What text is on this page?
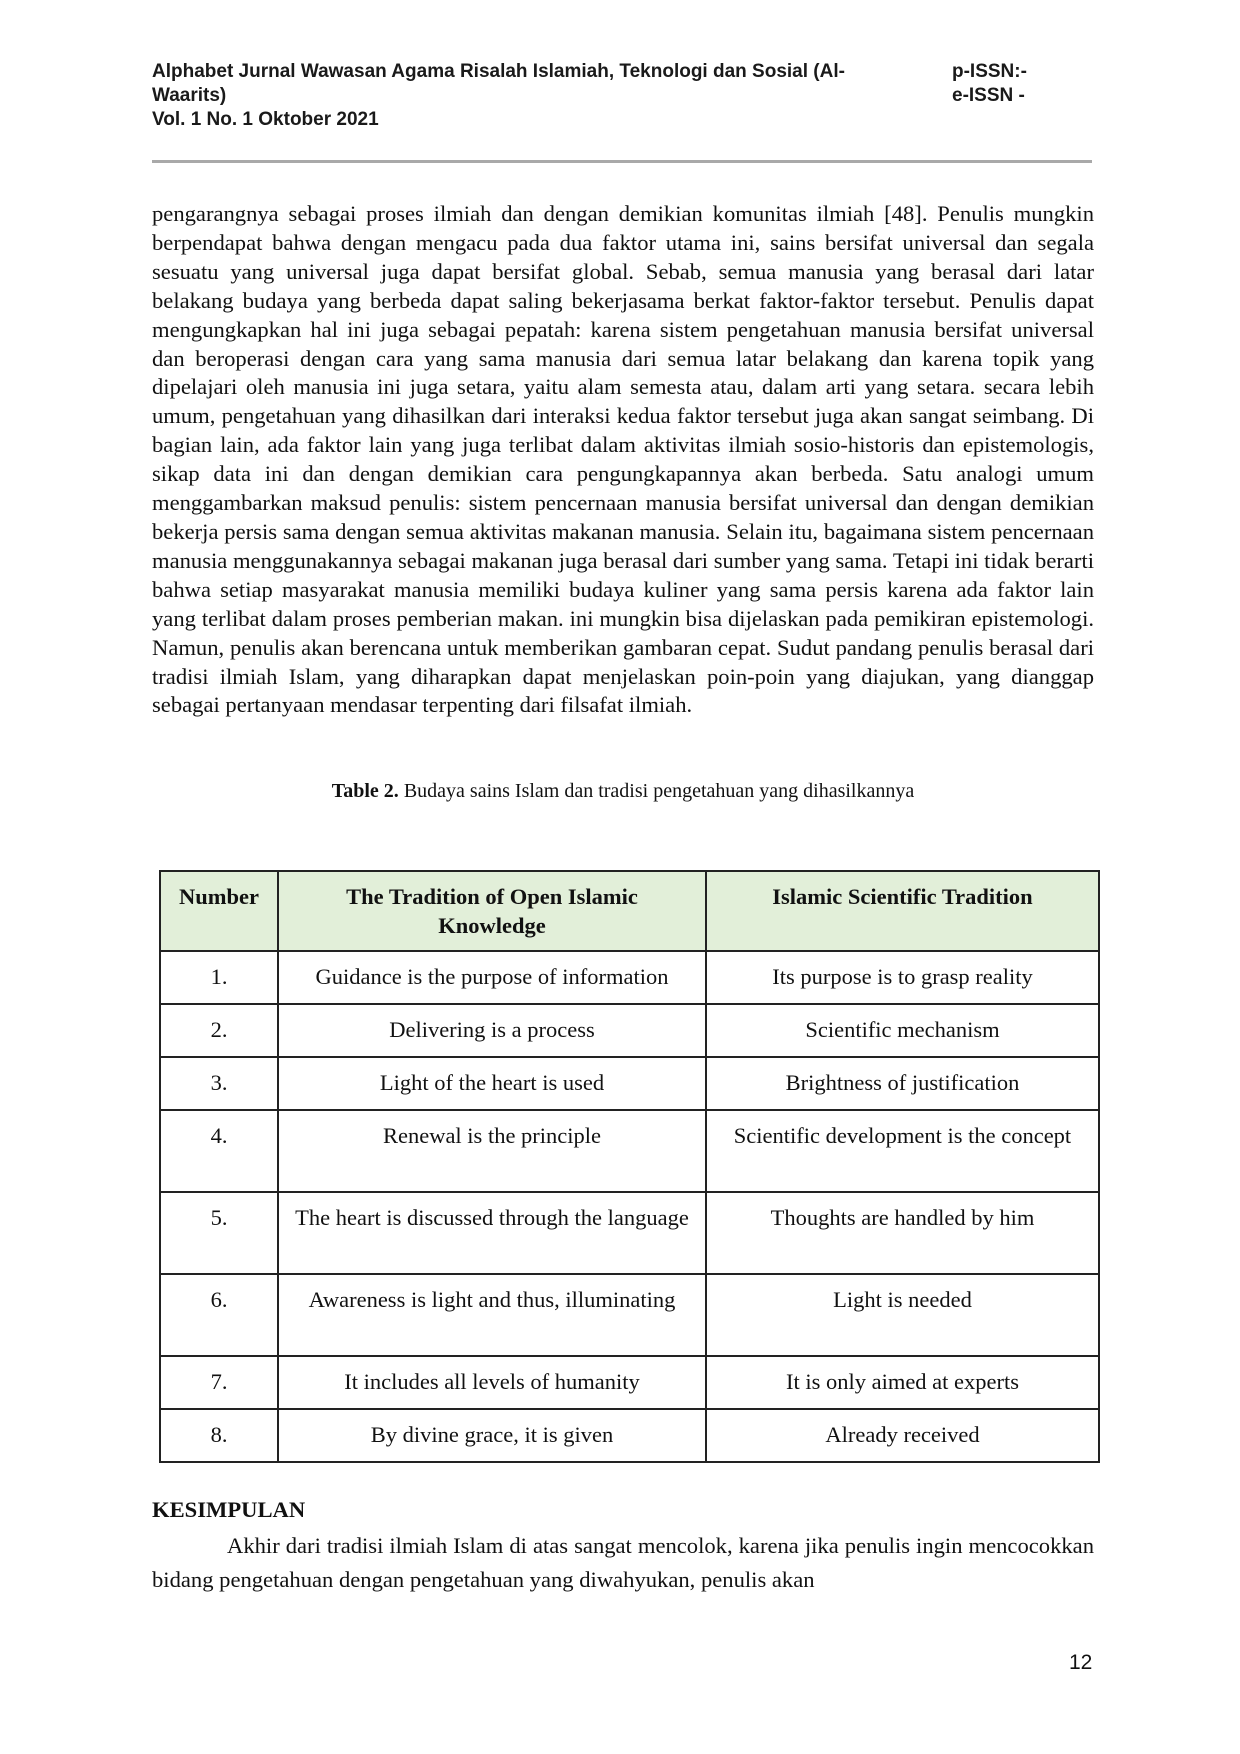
Alphabet Jurnal Wawasan Agama Risalah Islamiah, Teknologi dan Sosial (Al-
Waarits)
Vol. 1 No. 1 Oktober 2021
p-ISSN:-
e-ISSN -

pengarangnya sebagai proses ilmiah dan dengan demikian komunitas ilmiah [48]. Penulis mungkin berpendapat bahwa dengan mengacu pada dua faktor utama ini, sains bersifat universal dan segala sesuatu yang universal juga dapat bersifat global. Sebab, semua manusia yang berasal dari latar belakang budaya yang berbeda dapat saling bekerjasama berkat faktor-faktor tersebut. Penulis dapat mengungkapkan hal ini juga sebagai pepatah: karena sistem pengetahuan manusia bersifat universal dan beroperasi dengan cara yang sama manusia dari semua latar belakang dan karena topik yang dipelajari oleh manusia ini juga setara, yaitu alam semesta atau, dalam arti yang setara. secara lebih umum, pengetahuan yang dihasilkan dari interaksi kedua faktor tersebut juga akan sangat seimbang. Di bagian lain, ada faktor lain yang juga terlibat dalam aktivitas ilmiah sosio-historis dan epistemologis, sikap data ini dan dengan demikian cara pengungkapannya akan berbeda. Satu analogi umum menggambarkan maksud penulis: sistem pencernaan manusia bersifat universal dan dengan demikian bekerja persis sama dengan semua aktivitas makanan manusia. Selain itu, bagaimana sistem pencernaan manusia menggunakannya sebagai makanan juga berasal dari sumber yang sama. Tetapi ini tidak berarti bahwa setiap masyarakat manusia memiliki budaya kuliner yang sama persis karena ada faktor lain yang terlibat dalam proses pemberian makan. ini mungkin bisa dijelaskan pada pemikiran epistemologi. Namun, penulis akan berencana untuk memberikan gambaran cepat. Sudut pandang penulis berasal dari tradisi ilmiah Islam, yang diharapkan dapat menjelaskan poin-poin yang diajukan, yang dianggap sebagai pertanyaan mendasar terpenting dari filsafat ilmiah.

Table 2. Budaya sains Islam dan tradisi pengetahuan yang dihasilkannya
Number	The Tradition of Open Islamic Knowledge	Islamic Scientific Tradition
1.	Guidance is the purpose of information	Its purpose is to grasp reality
2.	Delivering is a process	Scientific mechanism
3.	Light of the heart is used	Brightness of justification
4.	Renewal is the principle	Scientific development is the concept
5.	The heart is discussed through the language	Thoughts are handled by him
6.	Awareness is light and thus, illuminating	Light is needed
7.	It includes all levels of humanity	It is only aimed at experts
8.	By divine grace, it is given	Already received
KESIMPULAN

Akhir dari tradisi ilmiah Islam di atas sangat mencolok, karena jika penulis ingin mencocokkan bidang pengetahuan dengan pengetahuan yang diwahyukan, penulis akan

12
